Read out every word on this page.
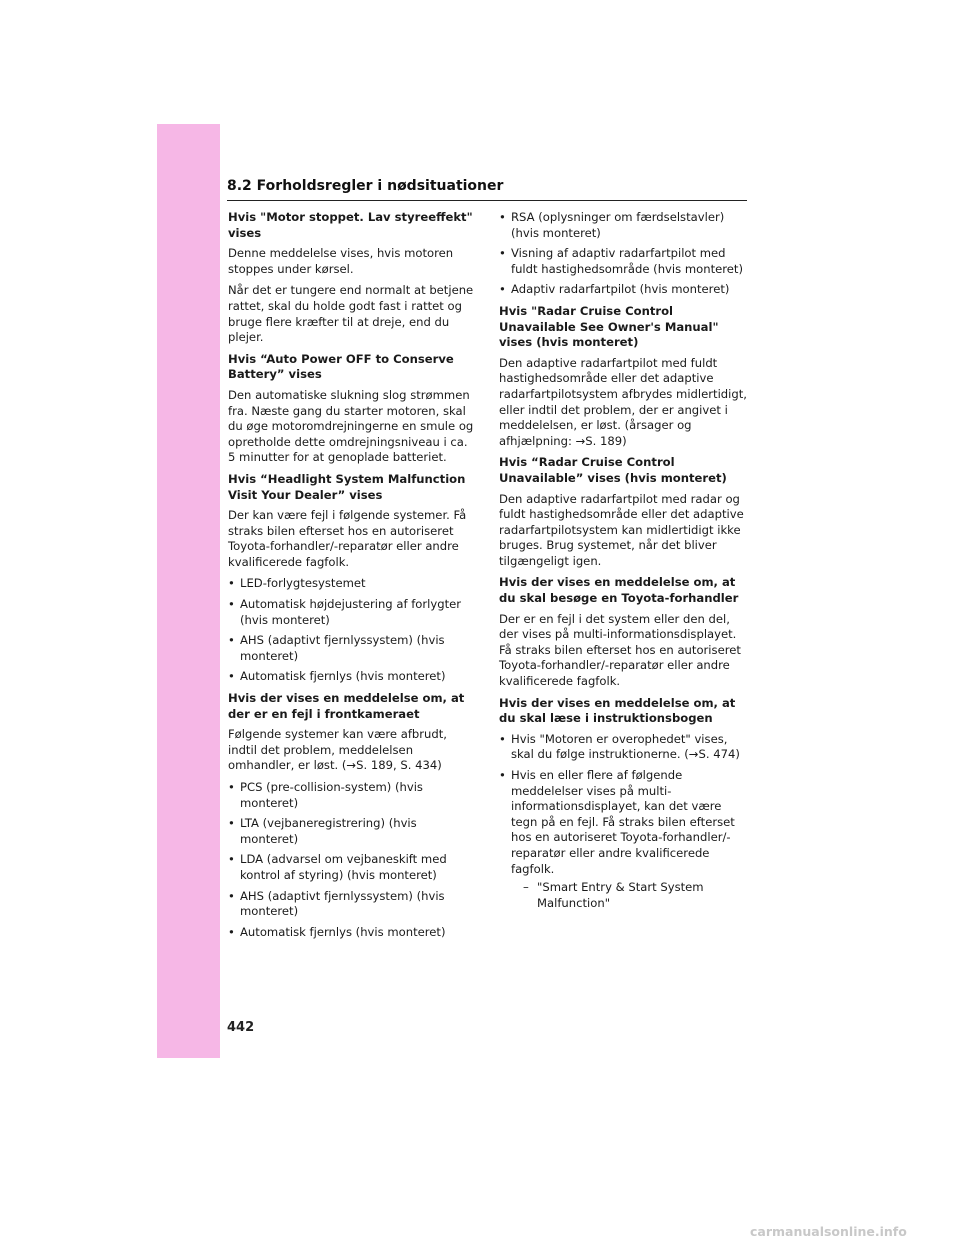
8.2 Forholdsregler i nødsituationer
Hvis "Motor stoppet. Lav styreeffekt" vises

Denne meddelelse vises, hvis motoren stoppes under kørsel.

Når det er tungere end normalt at betjene rattet, skal du holde godt fast i rattet og bruge flere kræfter til at dreje, end du plejer.

Hvis “Auto Power OFF to Conserve Battery” vises

Den automatiske slukning slog strømmen fra. Næste gang du starter motoren, skal du øge motoromdrejningerne en smule og opretholde dette omdrejningsniveau i ca. 5 minutter for at genoplade batteriet.

Hvis “Headlight System Malfunction Visit Your Dealer” vises

Der kan være fejl i følgende systemer. Få straks bilen efterset hos en autoriseret Toyota-forhandler/-reparatør eller andre kvalificerede fagfolk.

• LED-forlygtesystemet
• Automatisk højdejustering af forlygter (hvis monteret)
• AHS (adaptivt fjernlyssystem) (hvis monteret)
• Automatisk fjernlys (hvis monteret)
Hvis der vises en meddelelse om, at der er en fejl i frontkameraet

Følgende systemer kan være afbrudt, indtil det problem, meddelelsen omhandler, er løst. (→S. 189, S. 434)

• PCS (pre-collision-system) (hvis monteret)
• LTA (vejbaneregistrering) (hvis monteret)
• LDA (advarsel om vejbaneskift med kontrol af styring) (hvis monteret)
• AHS (adaptivt fjernlyssystem) (hvis monteret)
• Automatisk fjernlys (hvis monteret)
• RSA (oplysninger om færdselstavler) (hvis monteret)
• Visning af adaptiv radarfartpilot med fuldt hastighedsområde (hvis monteret)
• Adaptiv radarfartpilot (hvis monteret)
Hvis "Radar Cruise Control Unavailable See Owner's Manual" vises (hvis monteret)

Den adaptive radarfartpilot med fuldt hastighedsområde eller det adaptive radarfartpilotsystem afbrydes midlertidigt, eller indtil det problem, der er angivet i meddelelsen, er løst. (årsager og afhjælpning: →S. 189)

Hvis “Radar Cruise Control Unavailable” vises (hvis monteret)

Den adaptive radarfartpilot med radar og fuldt hastighedsområde eller det adaptive radarfartpilotsystem kan midlertidigt ikke bruges. Brug systemet, når det bliver tilgængeligt igen.

Hvis der vises en meddelelse om, at du skal besøge en Toyota-forhandler

Der er en fejl i det system eller den del, der vises på multi-informationsdisplayet. Få straks bilen efterset hos en autoriseret Toyota-forhandler/-reparatør eller andre kvalificerede fagfolk.

Hvis der vises en meddelelse om, at du skal læse i instruktionsbogen
• Hvis "Motoren er overophedet" vises, skal du følge instruktionerne. (→S. 474)
• Hvis en eller flere af følgende meddelelser vises på multi-informationsdisplayet, kan det være tegn på en fejl. Få straks bilen efterset hos en autoriseret Toyota-forhandler/-reparatør eller andre kvalificerede fagfolk.
– "Smart Entry & Start System Malfunction"
442
carmanualsonline.info
